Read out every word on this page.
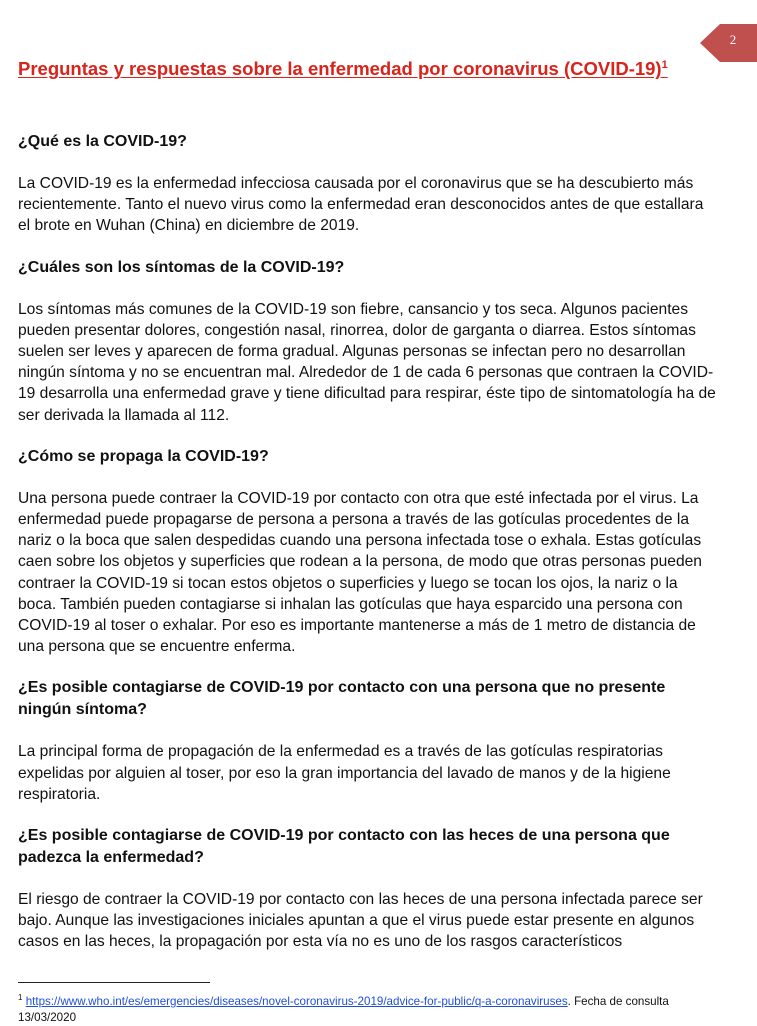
2
Preguntas y respuestas sobre la enfermedad por coronavirus (COVID-19)$^1$

¿Qué es la COVID-19?

La COVID-19 es la enfermedad infecciosa causada por el coronavirus que se ha descubierto más recientemente. Tanto el nuevo virus como la enfermedad eran desconocidos antes de que estallara el brote en Wuhan (China) en diciembre de 2019.

¿Cuáles son los síntomas de la COVID-19?

Los síntomas más comunes de la COVID-19 son fiebre, cansancio y tos seca. Algunos pacientes pueden presentar dolores, congestión nasal, rinorrea, dolor de garganta o diarrea. Estos síntomas suelen ser leves y aparecen de forma gradual. Algunas personas se infectan pero no desarrollan ningún síntoma y no se encuentran mal. Alrededor de 1 de cada 6 personas que contraen la COVID-19 desarrolla una enfermedad grave y tiene dificultad para respirar, éste tipo de sintomatología ha de ser derivada la llamada al 112.

¿Cómo se propaga la COVID-19?

Una persona puede contraer la COVID-19 por contacto con otra que esté infectada por el virus. La enfermedad puede propagarse de persona a persona a través de las gotículas procedentes de la nariz o la boca que salen despedidas cuando una persona infectada tose o exhala. Estas gotículas caen sobre los objetos y superficies que rodean a la persona, de modo que otras personas pueden contraer la COVID-19 si tocan estos objetos o superficies y luego se tocan los ojos, la nariz o la boca. También pueden contagiarse si inhalan las gotículas que haya esparcido una persona con COVID-19 al toser o exhalar. Por eso es importante mantenerse a más de 1 metro de distancia de una persona que se encuentre enferma.

¿Es posible contagiarse de COVID-19 por contacto con una persona que no presente ningún síntoma?

La principal forma de propagación de la enfermedad es a través de las gotículas respiratorias expelidas por alguien al toser, por eso la gran importancia del lavado de manos y de la higiene respiratoria.

¿Es posible contagiarse de COVID-19 por contacto con las heces de una persona que padezca la enfermedad?

El riesgo de contraer la COVID-19 por contacto con las heces de una persona infectada parece ser bajo. Aunque las investigaciones iniciales apuntan a que el virus puede estar presente en algunos casos en las heces, la propagación por esta vía no es uno de los rasgos característicos

$^1$ https://www.who.int/es/emergencies/diseases/novel-coronavirus-2019/advice-for-public/q-a-coronaviruses. Fecha de consulta 13/03/2020
